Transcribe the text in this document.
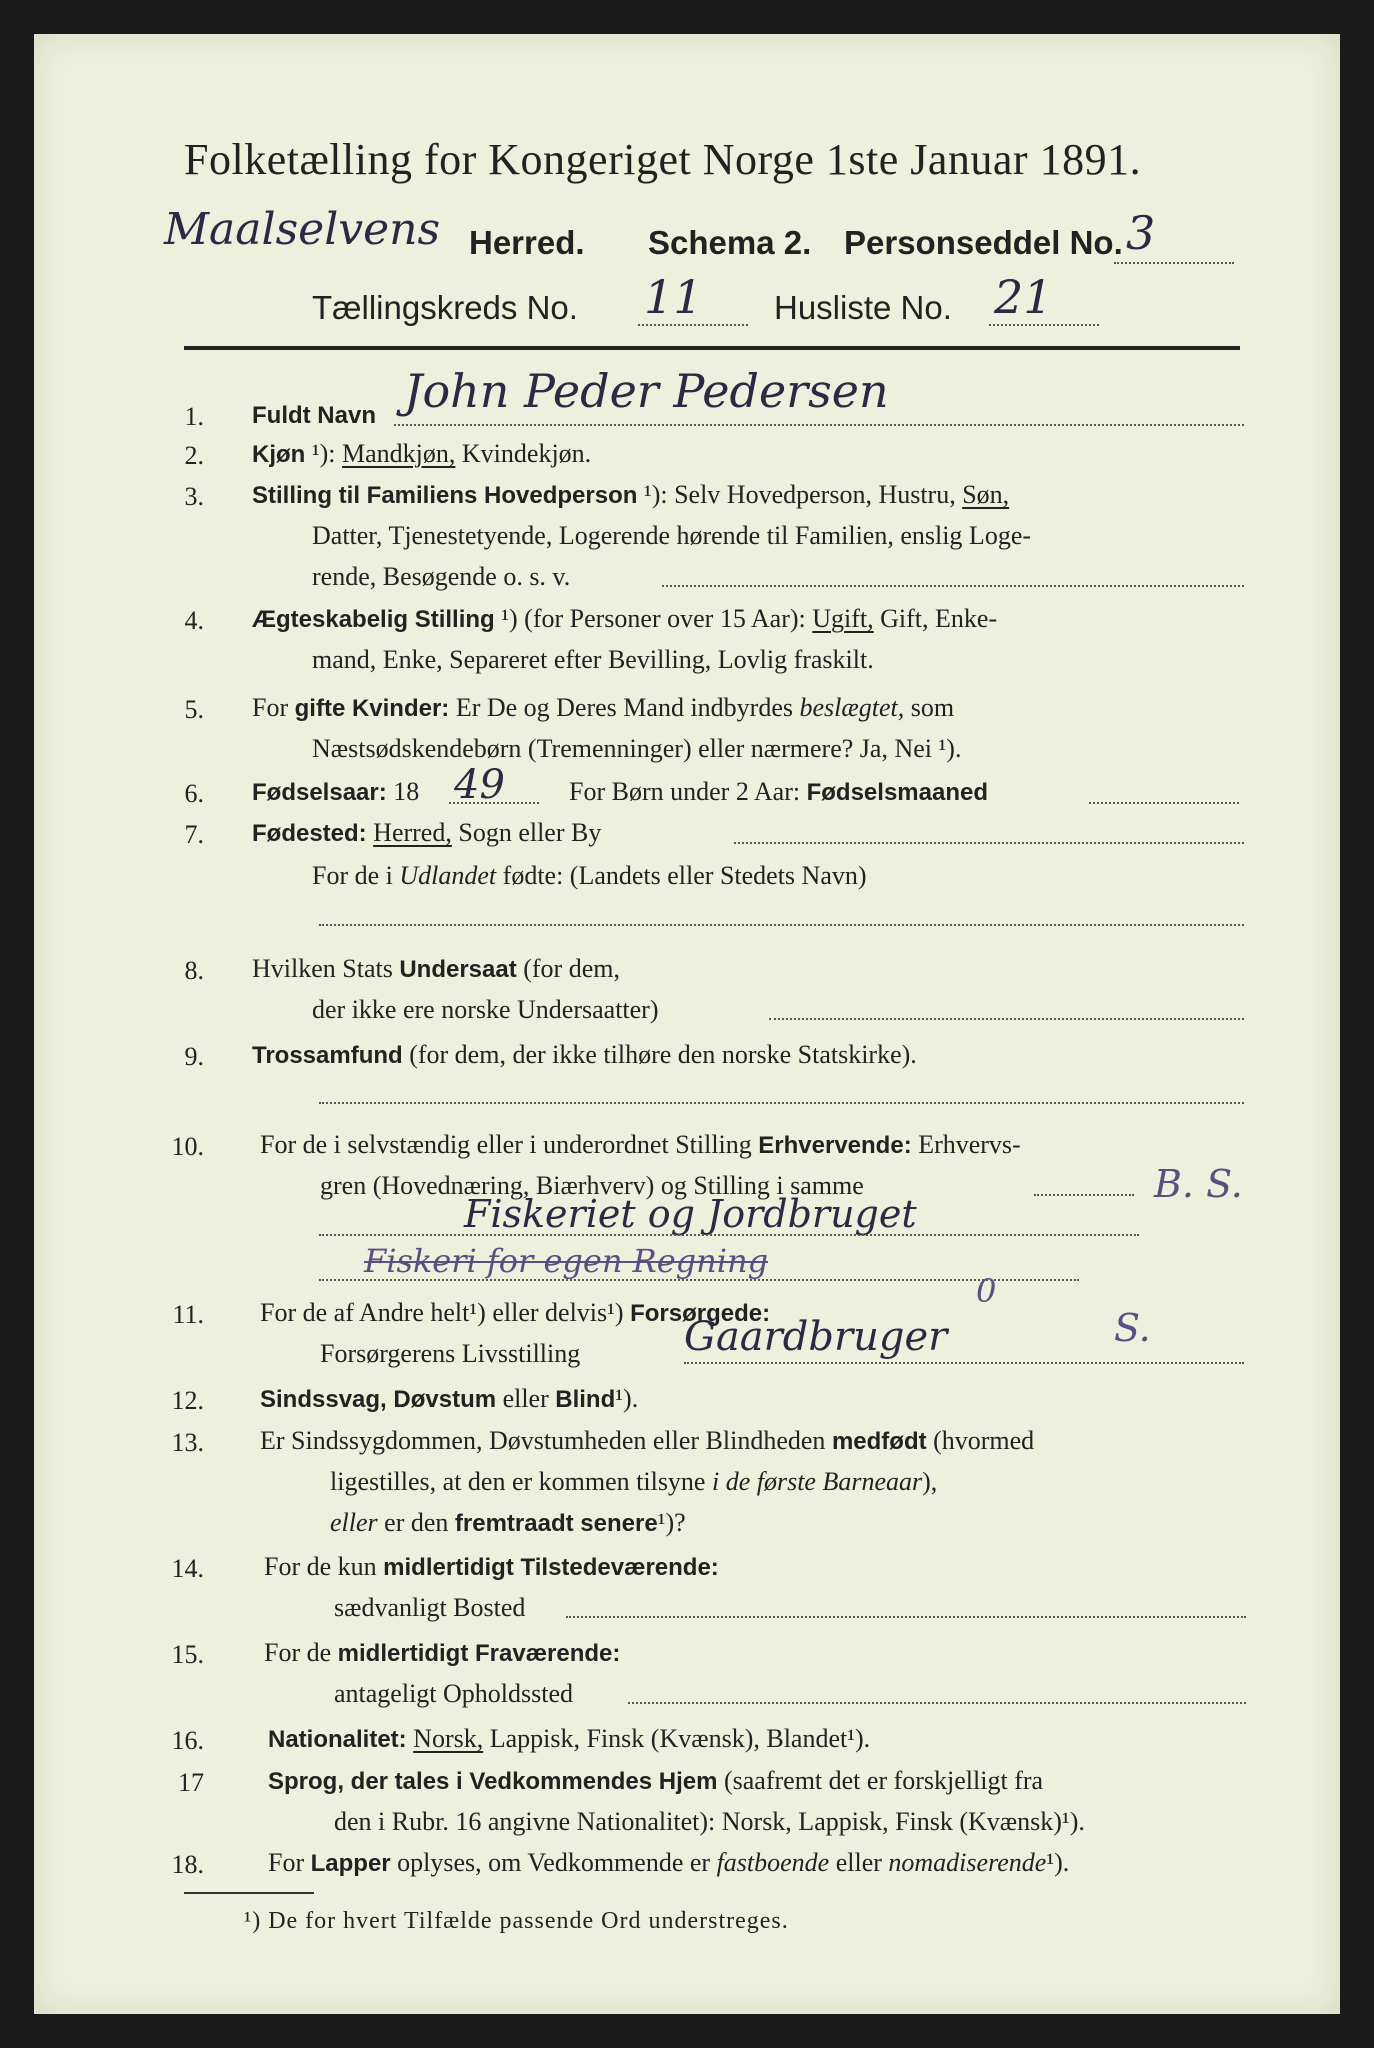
Folketælling for Kongeriget Norge 1ste Januar 1891.
Maalselvens Herred. Schema 2. Personseddel No. 3
Tællingskreds No. 11 Husliste No. 21
1. Fuldt Navn John Peder Pedersen
2. Kjøn ¹): Mandkjøn, Kvindekjøn.
3. Stilling til Familiens Hovedperson ¹): Selv Hovedperson, Hustru, Søn,
Datter, Tjenestetyende, Logerende hørende til Familien, enslig Loge-
rende, Besøgende o. s. v.
4. Ægteskabelig Stilling ¹) (for Personer over 15 Aar): Ugift, Gift, Enke-
mand, Enke, Separeret efter Bevilling, Lovlig fraskilt.
5. For gifte Kvinder: Er De og Deres Mand indbyrdes beslægtet, som
Næstsødskendebørn (Tremenninger) eller nærmere? Ja, Nei ¹).
6. Fødselsaar: 18 49 For Børn under 2 Aar: Fødselsmaaned
7. Fødested: Herred, Sogn eller By
For de i Udlandet fødte: (Landets eller Stedets Navn)
8. Hvilken Stats Undersaat (for dem,
der ikke ere norske Undersaatter)
9. Trossamfund (for dem, der ikke tilhøre den norske Statskirke).
10. For de i selvstændig eller i underordnet Stilling Erhvervende: Erhvervs-
gren (Hovednæring, Biærhverv) og Stilling i samme
Fiskeriet og Jordbruget
B. S.
Fiskeri for egen Regning
11. For de af Andre helt¹) eller delvis¹) Forsørgede:
0
Forsørgerens Livsstilling	Gaardbruger	S.
12. Sindssvag, Døvstum eller Blind¹).
13. Er Sindssygdommen, Døvstumheden eller Blindheden medfødt (hvormed
ligestilles, at den er kommen tilsyne i de første Barneaar),
eller er den fremtraadt senere¹)?
14. For de kun midlertidigt Tilstedeværende:
sædvanligt Bosted
15. For de midlertidigt Fraværende:
antageligt Opholdssted
16.	Nationalitet: Norsk, Lappisk, Finsk (Kvænsk), Blandet¹).
17	Sprog, der tales i Vedkommendes Hjem (saafremt det er forskjelligt fra
den i Rubr. 16 angivne Nationalitet): Norsk, Lappisk, Finsk (Kvænsk)¹).
18. For Lapper oplyses, om Vedkommende er fastboende eller nomadiserende¹).
¹) De for hvert Tilfælde passende Ord understreges.
